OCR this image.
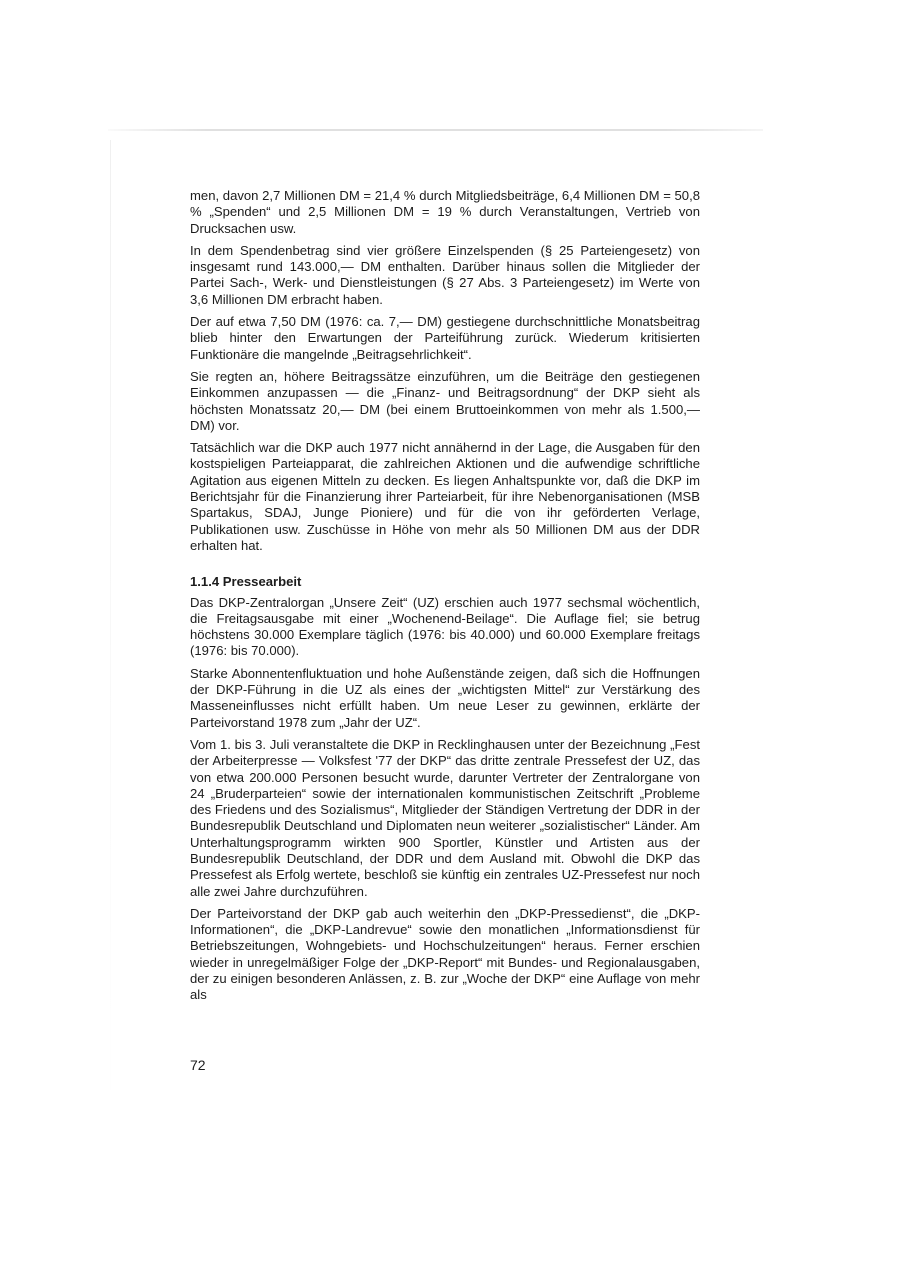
men, davon 2,7 Millionen DM = 21,4 % durch Mitgliedsbeiträge, 6,4 Millionen DM = 50,8 % „Spenden“ und 2,5 Millionen DM = 19 % durch Veranstaltungen, Vertrieb von Drucksachen usw.

In dem Spendenbetrag sind vier größere Einzelspenden (§ 25 Parteiengesetz) von insgesamt rund 143.000,— DM enthalten. Darüber hinaus sollen die Mitglieder der Partei Sach-, Werk- und Dienstleistungen (§ 27 Abs. 3 Parteiengesetz) im Werte von 3,6 Millionen DM erbracht haben.

Der auf etwa 7,50 DM (1976: ca. 7,— DM) gestiegene durchschnittliche Monatsbeitrag blieb hinter den Erwartungen der Parteiführung zurück. Wiederum kritisierten Funktionäre die mangelnde „Beitragsehrlichkeit“.

Sie regten an, höhere Beitragssätze einzuführen, um die Beiträge den gestiegenen Einkommen anzupassen — die „Finanz- und Beitragsordnung“ der DKP sieht als höchsten Monatssatz 20,— DM (bei einem Bruttoeinkommen von mehr als 1.500,— DM) vor.

Tatsächlich war die DKP auch 1977 nicht annähernd in der Lage, die Ausgaben für den kostspieligen Parteiapparat, die zahlreichen Aktionen und die aufwendige schriftliche Agitation aus eigenen Mitteln zu decken. Es liegen Anhaltspunkte vor, daß die DKP im Berichtsjahr für die Finanzierung ihrer Parteiarbeit, für ihre Nebenorganisationen (MSB Spartakus, SDAJ, Junge Pioniere) und für die von ihr geförderten Verlage, Publikationen usw. Zuschüsse in Höhe von mehr als 50 Millionen DM aus der DDR erhalten hat.

1.1.4 Pressearbeit

Das DKP-Zentralorgan „Unsere Zeit“ (UZ) erschien auch 1977 sechsmal wöchentlich, die Freitagsausgabe mit einer „Wochenend-Beilage“. Die Auflage fiel; sie betrug höchstens 30.000 Exemplare täglich (1976: bis 40.000) und 60.000 Exemplare freitags (1976: bis 70.000).

Starke Abonnentenfluktuation und hohe Außenstände zeigen, daß sich die Hoffnungen der DKP-Führung in die UZ als eines der „wichtigsten Mittel“ zur Verstärkung des Masseneinflusses nicht erfüllt haben. Um neue Leser zu gewinnen, erklärte der Parteivorstand 1978 zum „Jahr der UZ“.

Vom 1. bis 3. Juli veranstaltete die DKP in Recklinghausen unter der Bezeichnung „Fest der Arbeiterpresse — Volksfest '77 der DKP“ das dritte zentrale Pressefest der UZ, das von etwa 200.000 Personen besucht wurde, darunter Vertreter der Zentralorgane von 24 „Bruderparteien“ sowie der internationalen kommunistischen Zeitschrift „Probleme des Friedens und des Sozialismus“, Mitglieder der Ständigen Vertretung der DDR in der Bundesrepublik Deutschland und Diplomaten neun weiterer „sozialistischer“ Länder. Am Unterhaltungsprogramm wirkten 900 Sportler, Künstler und Artisten aus der Bundesrepublik Deutschland, der DDR und dem Ausland mit. Obwohl die DKP das Pressefest als Erfolg wertete, beschloß sie künftig ein zentrales UZ-Pressefest nur noch alle zwei Jahre durchzuführen.

Der Parteivorstand der DKP gab auch weiterhin den „DKP-Pressedienst“, die „DKP-Informationen“, die „DKP-Landrevue“ sowie den monatlichen „Informationsdienst für Betriebszeitungen, Wohngebiets- und Hochschulzeitungen“ heraus. Ferner erschien wieder in unregelmäßiger Folge der „DKP-Report“ mit Bundes- und Regionalausgaben, der zu einigen besonderen Anlässen, z. B. zur „Woche der DKP“ eine Auflage von mehr als

72
